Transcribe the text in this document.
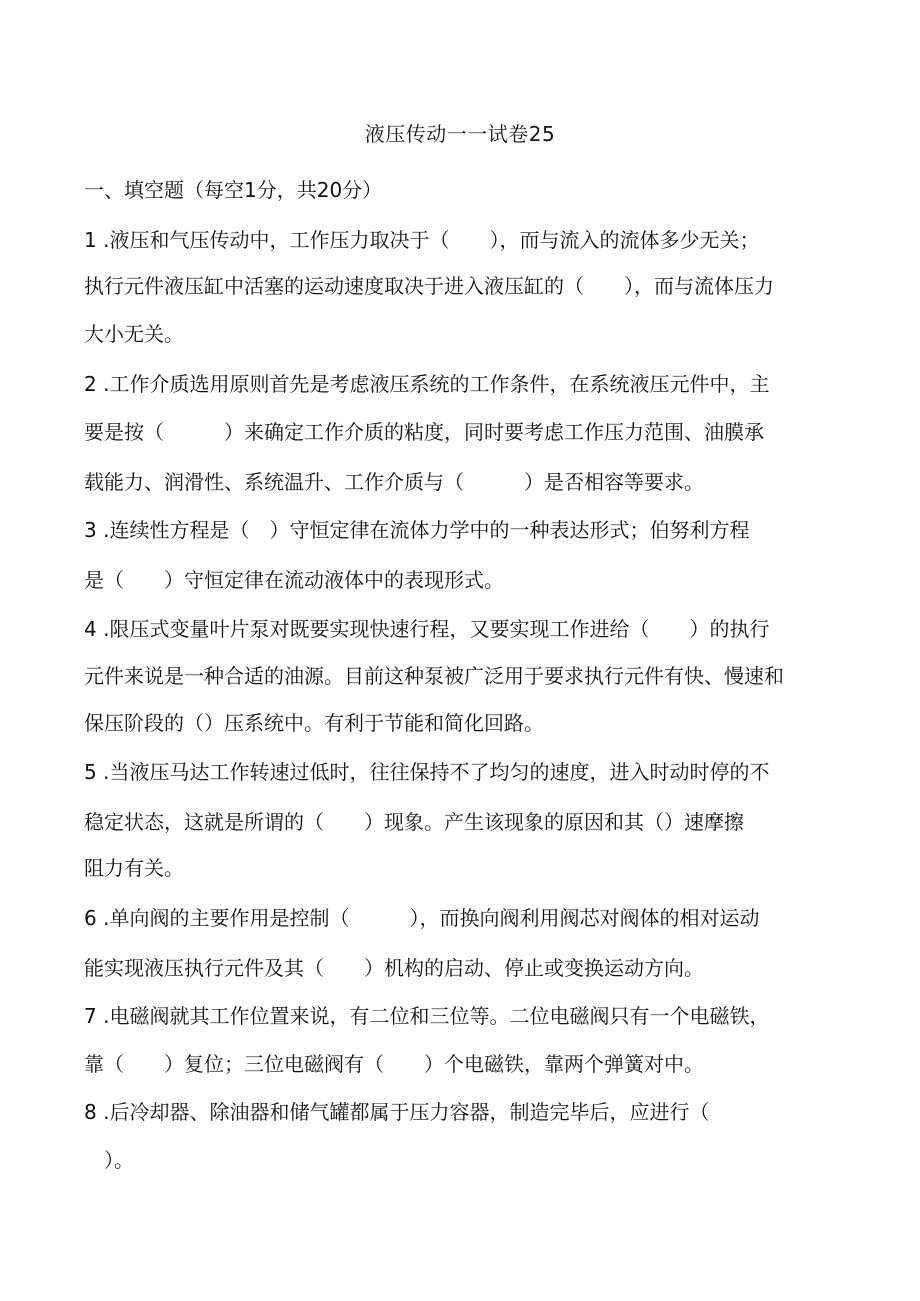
液压传动一一试卷25
一、填空题（每空1分，共20分）
1 .液压和气压传动中，工作压力取决于（　　），而与流入的流体多少无关；
执行元件液压缸中活塞的运动速度取决于进入液压缸的（　　），而与流体压力
大小无关。
2 .工作介质选用原则首先是考虑液压系统的工作条件，在系统液压元件中，主
要是按（　　　）来确定工作介质的粘度，同时要考虑工作压力范围、油膜承
载能力、润滑性、系统温升、工作介质与（　　　）是否相容等要求。
3 .连续性方程是（　）守恒定律在流体力学中的一种表达形式；伯努利方程
是（　　）守恒定律在流动液体中的表现形式。
4 .限压式变量叶片泵对既要实现快速行程，又要实现工作进给（　　）的执行
元件来说是一种合适的油源。目前这种泵被广泛用于要求执行元件有快、慢速和
保压阶段的（）压系统中。有利于节能和简化回路。
5 .当液压马达工作转速过低时，往往保持不了均匀的速度，进入时动时停的不
稳定状态，这就是所谓的（　　）现象。产生该现象的原因和其（）速摩擦
阻力有关。
6 .单向阀的主要作用是控制（　　　），而换向阀利用阀芯对阀体的相对运动
能实现液压执行元件及其（　　）机构的启动、停止或变换运动方向。
7 .电磁阀就其工作位置来说，有二位和三位等。二位电磁阀只有一个电磁铁，
靠（　　）复位；三位电磁阀有（　　）个电磁铁，靠两个弹簧对中。
8 .后冷却器、除油器和储气罐都属于压力容器，制造完毕后，应进行（
　）。
